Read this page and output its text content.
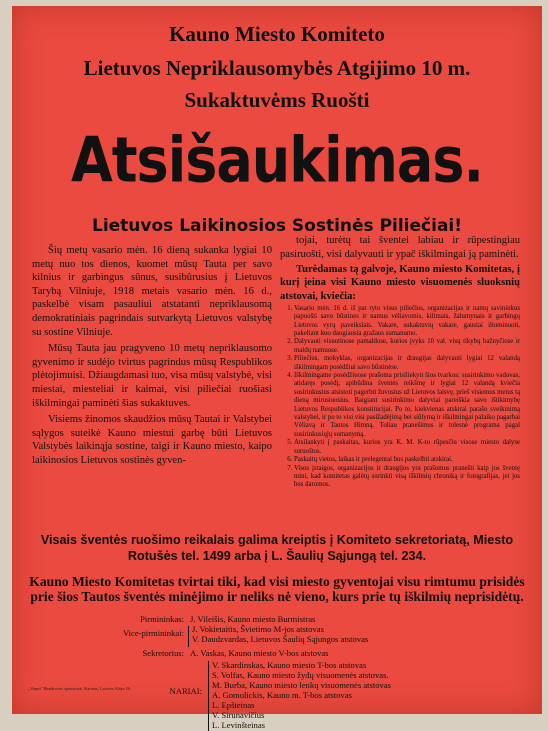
Kauno Miesto Komiteto
Lietuvos Nepriklausomybės Atgijimo 10 m.
Sukaktuvėms Ruošti
Atsišaukimas.
Lietuvos Laikinosios Sostinės Piliečiai!

Šių metų vasario mėn. 16 dieną sukanka lygiai 10 metų nuo tos dienos, kuomet mūsų Tauta per savo kilnius ir garbingus sūnus, susibūrusius į Lietuvos Tarybą Vilniuje, 1918 metais vasario mėn. 16 d., paskelbė visam pasauliui atstatanti nepriklausomą demokratiniais pagrindais sutvarkytą Lietuvos valstybę su sostine Vilniuje.

Mūsų Tauta jau pragyveno 10 metų nepriklausomo gyvenimo ir sudėjo tvirtus pagrindus mūsų Respublikos plėtojimuisi. Džiaugdamasi tuo, visa mūsų valstybė, visi miestai, miesteliai ir kaimai, visi piliečiai ruošiasi iškilmingai paminėti šias sukaktuves.

Visiems žinomos skaudžios mūsų Tautai ir Valstybei sąlygos suteikė Kauno miestui garbę būti Lietuvos Valstybės laikinąja sostine, taigi ir Kauno miesto, kaipo laikinosios Lietuvos sostinės gyven-

tojai, turėtų tai šventei labiau ir rūpestingiau pasiruošti, visi dalyvauti ir ypač iškilmingai ją paminėti.

Turėdamas tą galvoje, Kauno miesto Komitetas, į kurį įeina visi Kauno miesto visuomenės sluoksnių atstovai, kviečia:
1. Vasario mėn. 16 d. iš pat ryto visus piliečius, organizacijas ir namų savininkus papuošti savo būstines ir namus vėliavomis, kilimais, žalumynais ir garbingų Lietuvos vyrų paveikslais. Vakare, sukaktuvių vakare, gausiai iliuminuoti, pakeliant kuo daugiausia gražaus sumanumo.
2. Dalyvauti visuotinose pamaldose, kurios įvyks 10 val. visų tikybų bažnyčiose ir maldų namuose.
3. Piliečius, mokyklas, organizacijas ir draugijas dalyvauti lygiai 12 valandą iškilmingam posėdžiui savo būstinėse.
4. Iškilmingame posėdžiuose prašoma prisiliekyti šios tvarkos: susirinkimo vadovas, atidaręs posėdį, apibūdina šventės reikšmę ir lygiai 12 valandą kviečia susirinkusius atsistoti pagerbti žuvusius už Lietuvos laisvę, prieš visiemus metus tą dieną mirusiuosius. Baigiant susirinkimo dalyviai pareiškia savo ištikimybę Lietuvos Respublikos konstitucijai. Po to, kiekvienas atskirai parašo sveikinimą valstybei, ir po to visi visi pasižadėjimą bei siūlymą ir iškilmingai palaiko pagarbai Vėliavą ir Tautos Himną. Toliau pranešimus ir tolesnė programa pagal susirinkusiųjų sumanymą.
5. Atsilankyti į paskaitas, kurios yra K. M. K-to rūpesčiu visose miesto dalyse suruoštos.
6. Paskaitų vietos, laikas ir prelegentai bus paskelbti atskirai.
7. Visos įstaigos, organizacijos ir draugijos yra prašomos pranešti kaip jos šventę mini, kad komitetas galėtų surinkti visą iškilmių chroniką ir fotografijas, jei jos bus daromos.
Visais šventės ruošimo reikalais galima kreiptis į Komiteto sekretoriatą, Miesto Rotušės tel. 1499 arba į L. Šaulių Sąjungą tel. 234.
Kauno Miesto Komitetas tvirtai tiki, kad visi miesto gyventojai visu rimtumu prisidės prie šios Tautos šventės minėjimo ir neliks nė vieno, kurs prie tų iškilmių neprisidėtų.
Pirmininkas: J. Vileišis, Kauno miesto Burmistras
Vice-pirmininkai: J. Vokietaitis, Švietimo M-jos atstovas
V. Daudzvardas, Lietuvos Šaulių Sąjungos atstovas
Sekretorius: A. Vaskas, Kauno miesto V-bos atstovas
NARIAI:
V. Skardinskas, Kauno miesto T-bos atstovas
S. Volfas, Kauno miesto žydų visuomenės atstovas.
M. Burba, Kauno miesto lenkų visuomenės atstovas
A. Gomolickis, Kauno m. T-bos atstovas
L. Epšteinas
V. Sirunavičius
L. Levinšteinas
„Varpo" Bendrovės spaustuvė, Kaunas, Laisvės Alėja 26.
